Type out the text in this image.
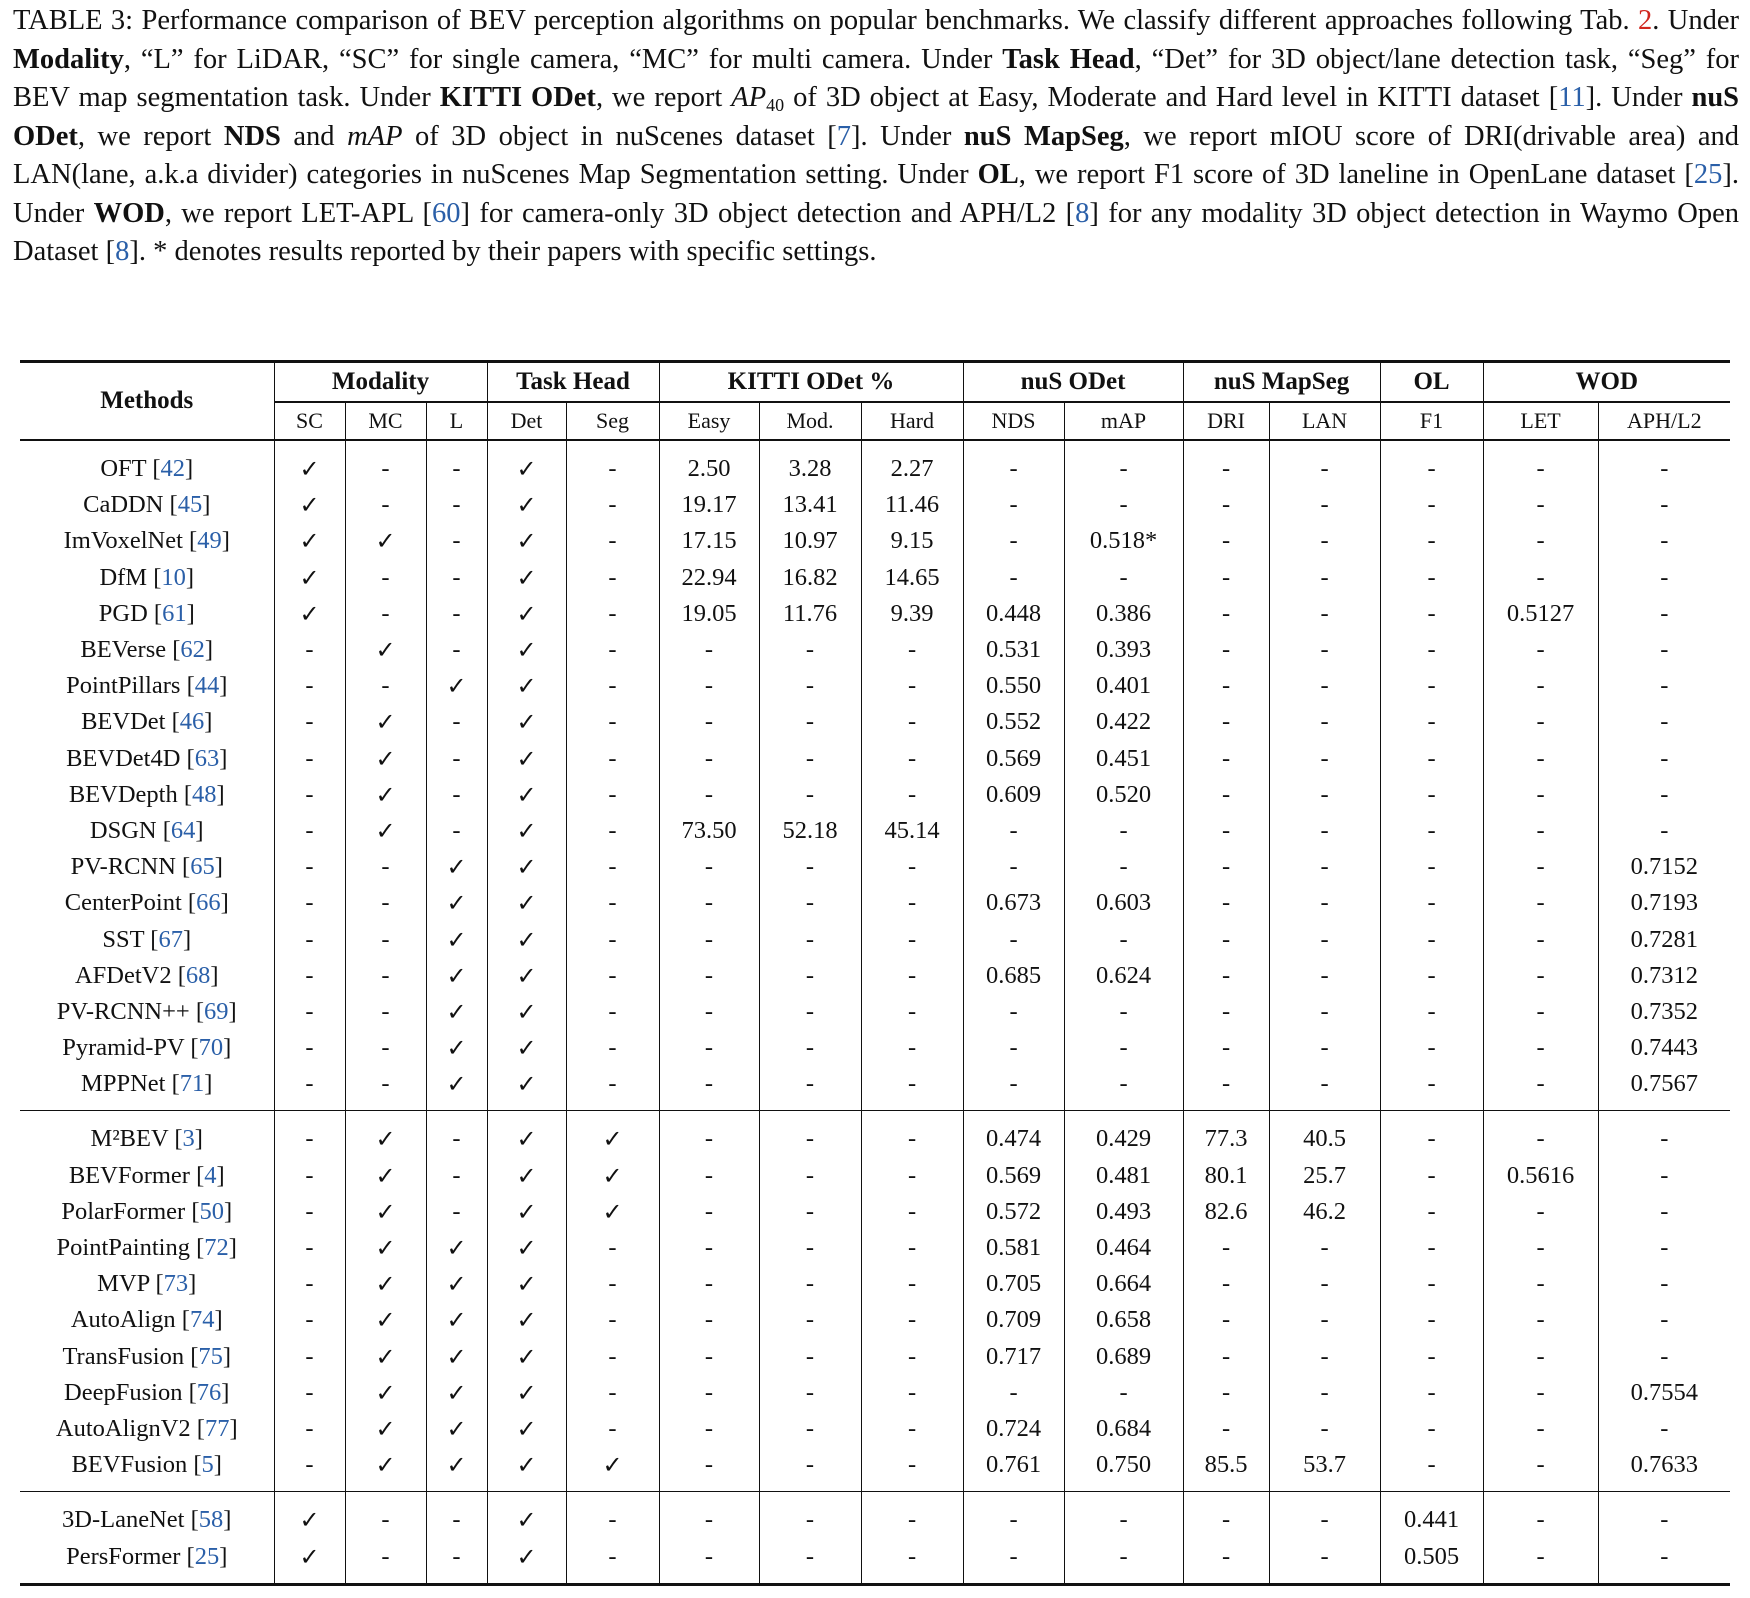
TABLE 3: Performance comparison of BEV perception algorithms on popular benchmarks. We classify different approaches following Tab. 2. Under Modality, “L” for LiDAR, “SC” for single camera, “MC” for multi camera. Under Task Head, “Det” for 3D object/lane detection task, “Seg” for BEV map segmentation task. Under KITTI ODet, we report $AP_{40}$ of 3D object at Easy, Moderate and Hard level in KITTI dataset [11]. Under nuS ODet, we report NDS and mAP of 3D object in nuScenes dataset [7]. Under nuS MapSeg, we report mIOU score of DRI(drivable area) and LAN(lane, a.k.a divider) categories in nuScenes Map Segmentation setting. Under OL, we report F1 score of 3D laneline in OpenLane dataset [25]. Under WOD, we report LET-APL [60] for camera-only 3D object detection and APH/L2 [8] for any modality 3D object detection in Waymo Open Dataset [8]. * denotes results reported by their papers with specific settings.
Methods	Modality			Task Head		KITTI ODet %			nuS ODet		nuS MapSeg		OL	WOD	
	SC	MC	L	Det	Seg	Easy	Mod.	Hard	NDS	mAP	DRI	LAN	F1	LET	APH/L2
OFT [42]	✓	-	-	✓	-	2.50	3.28	2.27	-	-	-	-	-	-	-
CaDDN [45]	✓	-	-	✓	-	19.17	13.41	11.46	-	-	-	-	-	-	-
ImVoxelNet [49]	✓	✓	-	✓	-	17.15	10.97	9.15	-	0.518*	-	-	-	-	-
DfM [10]	✓	-	-	✓	-	22.94	16.82	14.65	-	-	-	-	-	-	-
PGD [61]	✓	-	-	✓	-	19.05	11.76	9.39	0.448	0.386	-	-	-	0.5127	-
BEVerse [62]	-	✓	-	✓	-	-	-	-	0.531	0.393	-	-	-	-	-
PointPillars [44]	-	-	✓	✓	-	-	-	-	0.550	0.401	-	-	-	-	-
BEVDet [46]	-	✓	-	✓	-	-	-	-	0.552	0.422	-	-	-	-	-
BEVDet4D [63]	-	✓	-	✓	-	-	-	-	0.569	0.451	-	-	-	-	-
BEVDepth [48]	-	✓	-	✓	-	-	-	-	0.609	0.520	-	-	-	-	-
DSGN [64]	-	✓	-	✓	-	73.50	52.18	45.14	-	-	-	-	-	-	-
PV-RCNN [65]	-	-	✓	✓	-	-	-	-	-	-	-	-	-	-	0.7152
CenterPoint [66]	-	-	✓	✓	-	-	-	-	0.673	0.603	-	-	-	-	0.7193
SST [67]	-	-	✓	✓	-	-	-	-	-	-	-	-	-	-	0.7281
AFDetV2 [68]	-	-	✓	✓	-	-	-	-	0.685	0.624	-	-	-	-	0.7312
PV-RCNN++ [69]	-	-	✓	✓	-	-	-	-	-	-	-	-	-	-	0.7352
Pyramid-PV [70]	-	-	✓	✓	-	-	-	-	-	-	-	-	-	-	0.7443
MPPNet [71]	-	-	✓	✓	-	-	-	-	-	-	-	-	-	-	0.7567
M²BEV [3]	-	✓	-	✓	✓	-	-	-	0.474	0.429	77.3	40.5	-	-	-
BEVFormer [4]	-	✓	-	✓	✓	-	-	-	0.569	0.481	80.1	25.7	-	0.5616	-
PolarFormer [50]	-	✓	-	✓	✓	-	-	-	0.572	0.493	82.6	46.2	-	-	-
PointPainting [72]	-	✓	✓	✓	-	-	-	-	0.581	0.464	-	-	-	-	-
MVP [73]	-	✓	✓	✓	-	-	-	-	0.705	0.664	-	-	-	-	-
AutoAlign [74]	-	✓	✓	✓	-	-	-	-	0.709	0.658	-	-	-	-	-
TransFusion [75]	-	✓	✓	✓	-	-	-	-	0.717	0.689	-	-	-	-	-
DeepFusion [76]	-	✓	✓	✓	-	-	-	-	-	-	-	-	-	-	0.7554
AutoAlignV2 [77]	-	✓	✓	✓	-	-	-	-	0.724	0.684	-	-	-	-	-
BEVFusion [5]	-	✓	✓	✓	✓	-	-	-	0.761	0.750	85.5	53.7	-	-	0.7633
3D-LaneNet [58]	✓	-	-	✓	-	-	-	-	-	-	-	-	0.441	-	-
PersFormer [25]	✓	-	-	✓	-	-	-	-	-	-	-	-	0.505	-	-
